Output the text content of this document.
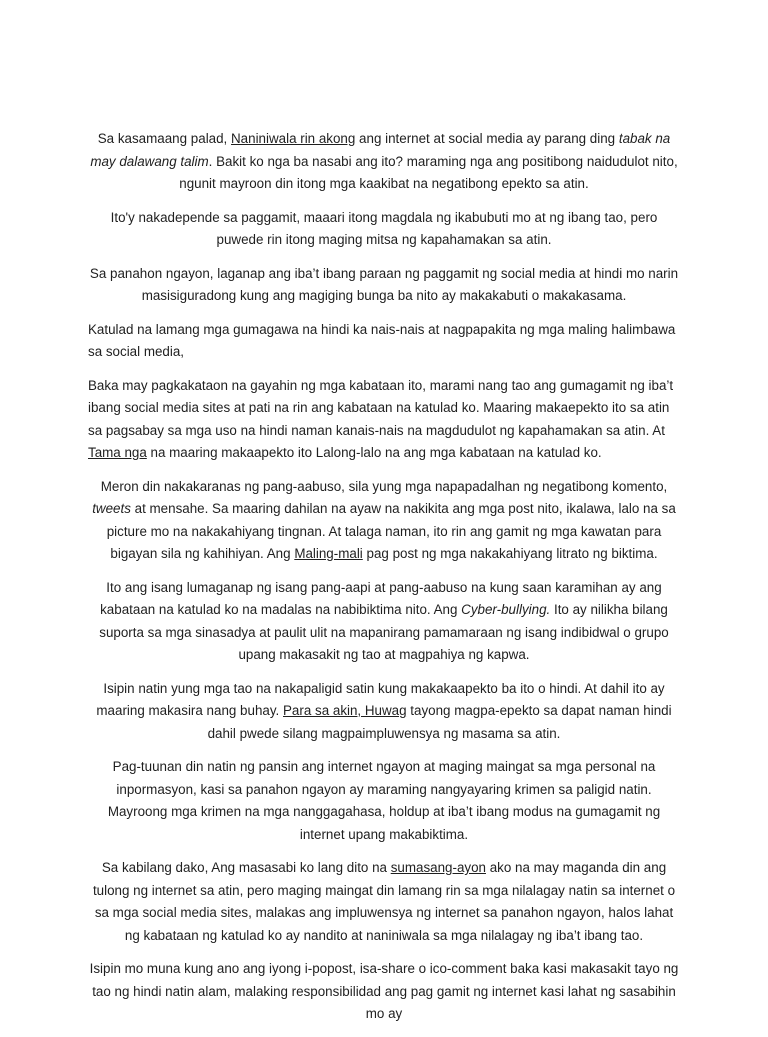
Sa kasamaang palad, Naniniwala rin akong ang internet at social media ay parang ding tabak na may dalawang talim. Bakit ko nga ba nasabi ang ito? maraming nga ang positibong naidudulot nito, ngunit mayroon din itong mga kaakibat na negatibong epekto sa atin.

Ito'y nakadepende sa paggamit, maaari itong magdala ng ikabubuti mo at ng ibang tao, pero puwede rin itong maging mitsa ng kapahamakan sa atin.

Sa panahon ngayon, laganap ang iba’t ibang paraan ng paggamit ng social media at hindi mo narin masisiguradong kung ang magiging bunga ba nito ay makakabuti o makakasama.

Katulad na lamang mga gumagawa na hindi ka nais-nais at nagpapakita ng mga maling halimbawa sa social media,

Baka may pagkakataon na gayahin ng mga kabataan ito, marami nang tao ang gumagamit ng iba’t ibang social media sites at pati na rin ang kabataan na katulad ko. Maaring makaepekto ito sa atin sa pagsabay sa mga uso na hindi naman kanais-nais na magdudulot ng kapahamakan sa atin. At Tama nga na maaring makaapekto ito Lalong-lalo na ang mga kabataan na katulad ko.

Meron din nakakaranas ng pang-aabuso, sila yung mga napapadalhan ng negatibong komento, tweets at mensahe. Sa maaring dahilan na ayaw na nakikita ang mga post nito, ikalawa, lalo na sa picture mo na nakakahiyang tingnan. At talaga naman, ito rin ang gamit ng mga kawatan para bigayan sila ng kahihiyan. Ang Maling-mali pag post ng mga nakakahiyang litrato ng biktima.

Ito ang isang lumaganap ng isang pang-aapi at pang-aabuso na kung saan karamihan ay ang kabataan na katulad ko na madalas na nabibiktima nito. Ang Cyber-bullying. Ito ay nilikha bilang suporta sa mga sinasadya at paulit ulit na mapanirang pamamaraan ng isang indibidwal o grupo upang makasakit ng tao at magpahiya ng kapwa.

Isipin natin yung mga tao na nakapaligid satin kung makakaapekto ba ito o hindi. At dahil ito ay maaring makasira nang buhay. Para sa akin, Huwag tayong magpa-epekto sa dapat naman hindi dahil pwede silang magpaimpluwensya ng masama sa atin.

Pag-tuunan din natin ng pansin ang internet ngayon at maging maingat sa mga personal na inpormasyon, kasi sa panahon ngayon ay maraming nangyayaring krimen sa paligid natin. Mayroong mga krimen na mga nanggagahasa, holdup at iba’t ibang modus na gumagamit ng internet upang makabiktima.

Sa kabilang dako, Ang masasabi ko lang dito na sumasang-ayon ako na may maganda din ang tulong ng internet sa atin, pero maging maingat din lamang rin sa mga nilalagay natin sa internet o sa mga social media sites, malakas ang impluwensya ng internet sa panahon ngayon, halos lahat ng kabataan ng katulad ko ay nandito at naniniwala sa mga nilalagay ng iba’t ibang tao.

Isipin mo muna kung ano ang iyong i-popost, isa-share o ico-comment baka kasi makasakit tayo ng tao ng hindi natin alam, malaking responsibilidad ang pag gamit ng internet kasi lahat ng sasabihin mo ay
